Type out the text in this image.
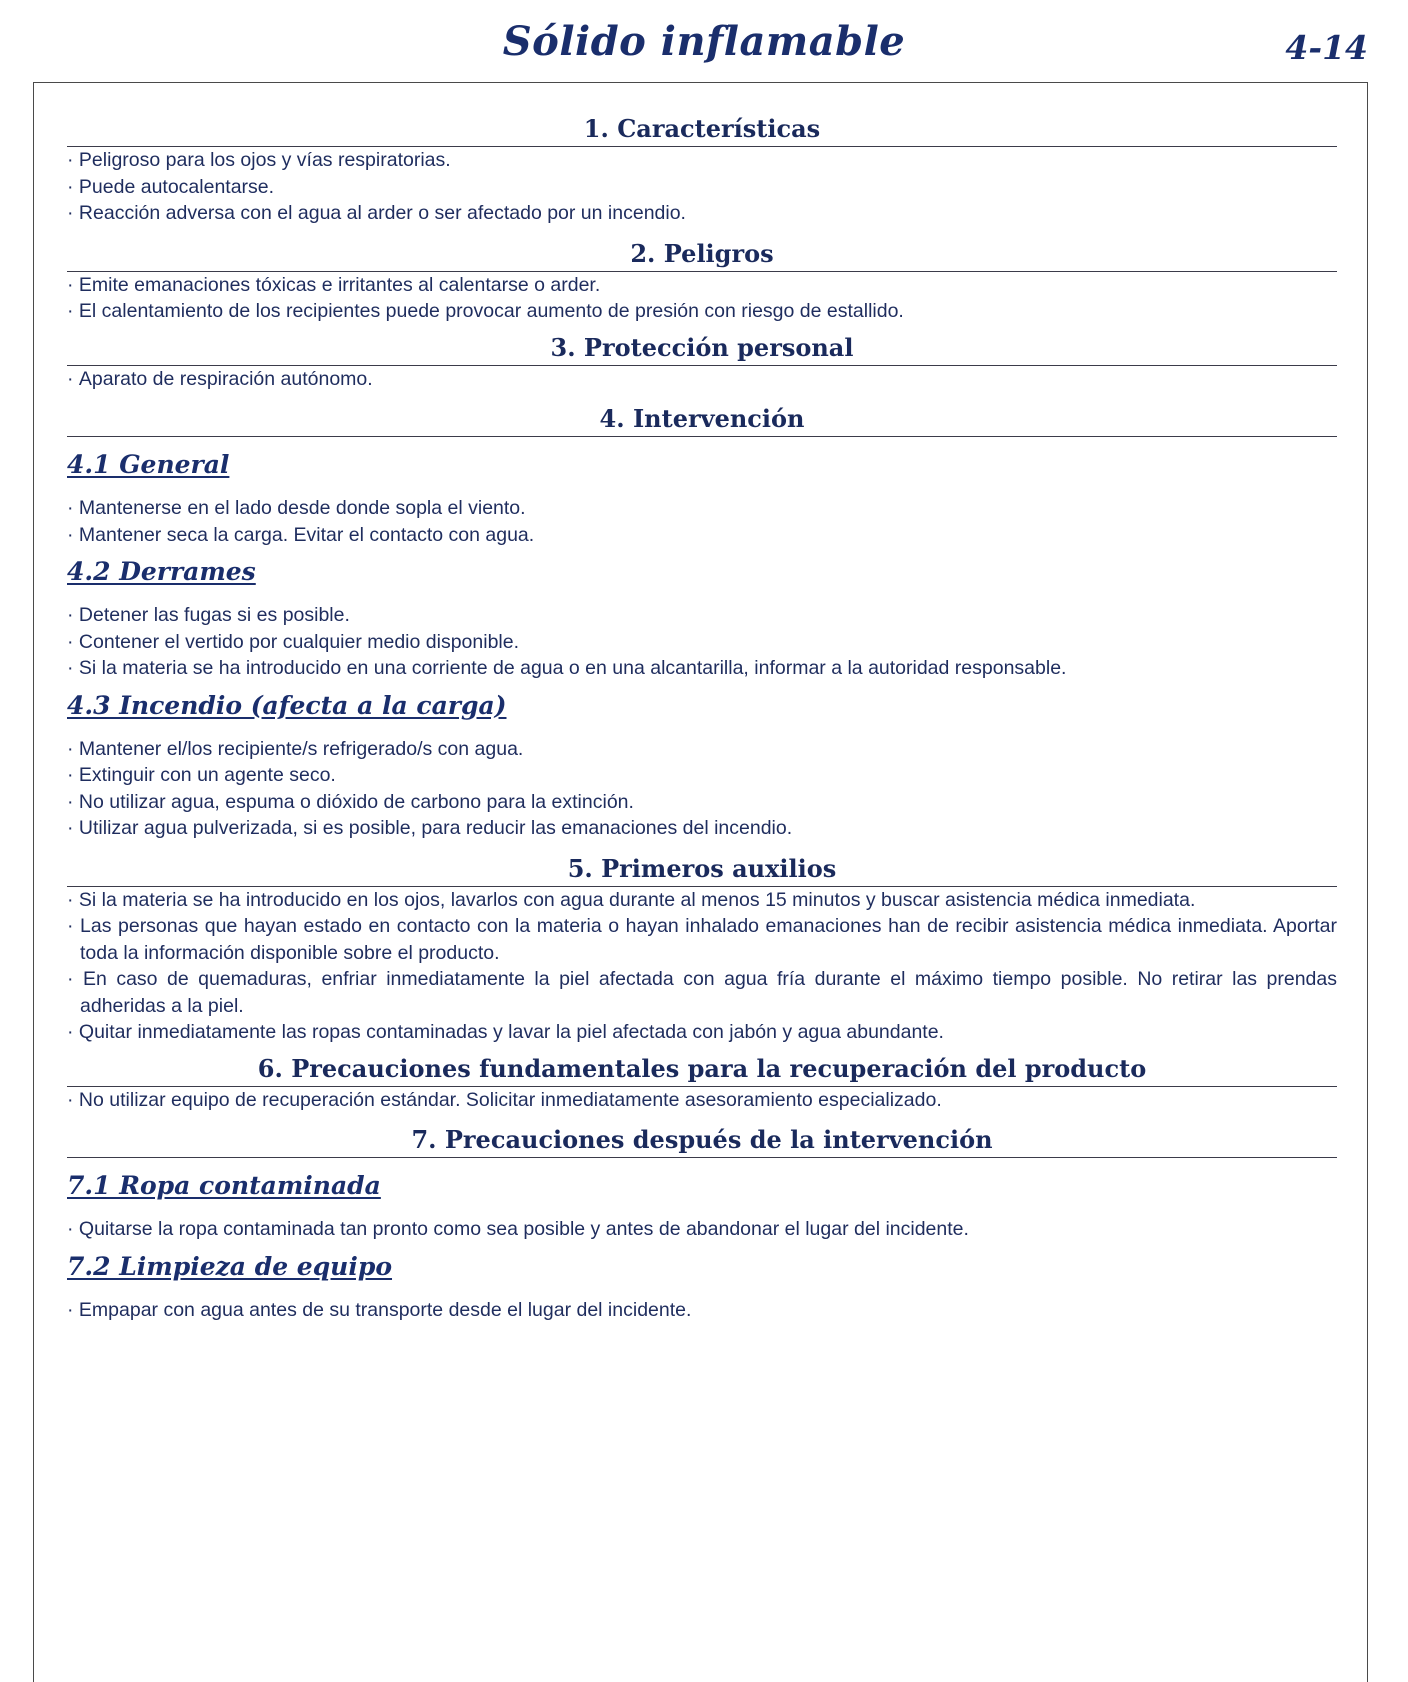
Sólido inflamable	4-14
1. Características
· Peligroso para los ojos y vías respiratorias.
· Puede autocalentarse.
· Reacción adversa con el agua al arder o ser afectado por un incendio.
2. Peligros
· Emite emanaciones tóxicas e irritantes al calentarse o arder.
· El calentamiento de los recipientes puede provocar aumento de presión con riesgo de estallido.
3. Protección personal
· Aparato de respiración autónomo.
4. Intervención
4.1 General
· Mantenerse en el lado desde donde sopla el viento.
· Mantener seca la carga. Evitar el contacto con agua.
4.2 Derrames
· Detener las fugas si es posible.
· Contener el vertido por cualquier medio disponible.
· Si la materia se ha introducido en una corriente de agua o en una alcantarilla, informar a la autoridad responsable.
4.3 Incendio (afecta a la carga)
· Mantener el/los recipiente/s refrigerado/s con agua.
· Extinguir con un agente seco.
· No utilizar agua, espuma o dióxido de carbono para la extinción.
· Utilizar agua pulverizada, si es posible, para reducir las emanaciones del incendio.
5. Primeros auxilios
· Si la materia se ha introducido en los ojos, lavarlos con agua durante al menos 15 minutos y buscar asistencia médica inmediata.
· Las personas que hayan estado en contacto con la materia o hayan inhalado emanaciones han de recibir asistencia médica inmediata. Aportar toda la información disponible sobre el producto.
· En caso de quemaduras, enfriar inmediatamente la piel afectada con agua fría durante el máximo tiempo posible. No retirar las prendas adheridas a la piel.
· Quitar inmediatamente las ropas contaminadas y lavar la piel afectada con jabón y agua abundante.
6. Precauciones fundamentales para la recuperación del producto
· No utilizar equipo de recuperación estándar. Solicitar inmediatamente asesoramiento especializado.
7. Precauciones después de la intervención
7.1 Ropa contaminada
· Quitarse la ropa contaminada tan pronto como sea posible y antes de abandonar el lugar del incidente.
7.2 Limpieza de equipo
· Empapar con agua antes de su transporte desde el lugar del incidente.
